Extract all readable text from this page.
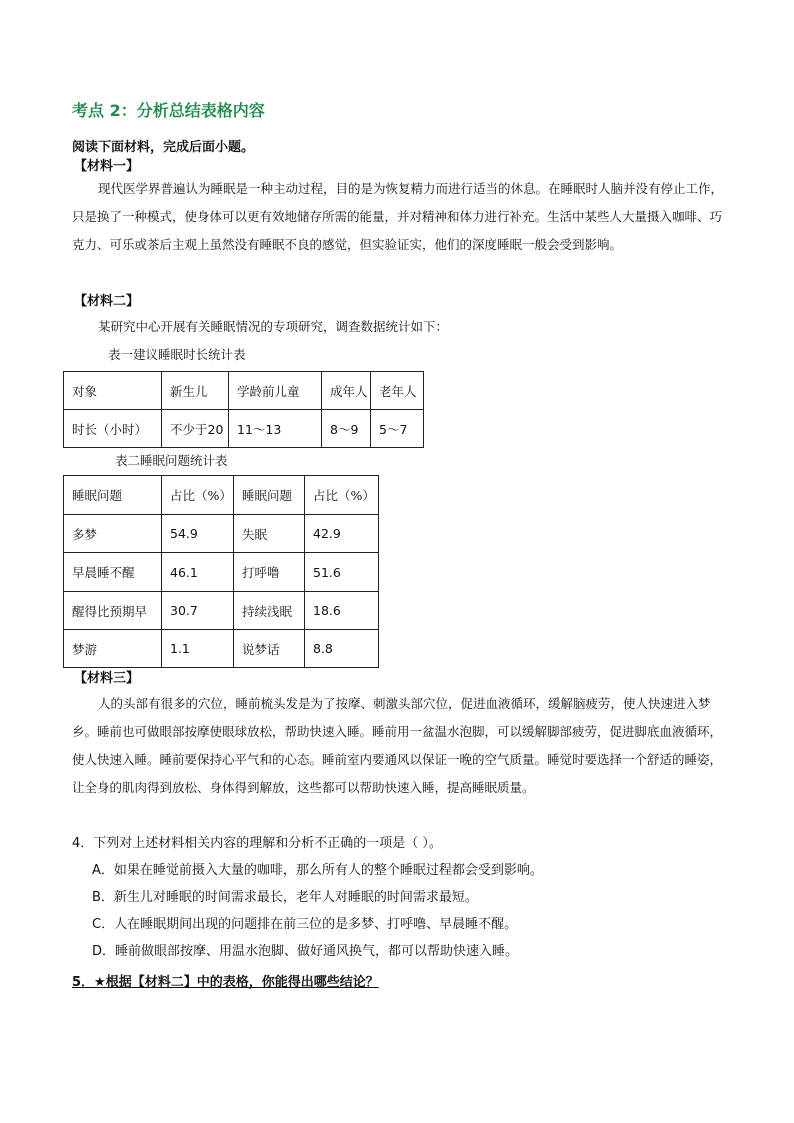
考点 2：分析总结表格内容
阅读下面材料，完成后面小题。
【材料一】
现代医学界普遍认为睡眠是一种主动过程，目的是为恢复精力而进行适当的休息。在睡眠时人脑并没有停止工作，只是换了一种模式，使身体可以更有效地储存所需的能量，并对精神和体力进行补充。生活中某些人大量摄入咖啡、巧克力、可乐或茶后主观上虽然没有睡眠不良的感觉，但实验证实，他们的深度睡眠一般会受到影响。
【材料二】
某研究中心开展有关睡眠情况的专项研究，调查数据统计如下：
表一建议睡眠时长统计表
对象	新生儿	学龄前儿童	成年人	老年人
时长（小时）	不少于20	11～13	8～9	5～7
表二睡眠问题统计表
睡眠问题	占比（%）	睡眠问题	占比（%）
多梦	54.9	失眠	42.9
早晨睡不醒	46.1	打呼噜	51.6
醒得比预期早	30.7	持续浅眠	18.6
梦游	1.1	说梦话	8.8
【材料三】
人的头部有很多的穴位，睡前梳头发是为了按摩、刺激头部穴位，促进血液循环，缓解脑疲劳，使人快速进入梦乡。睡前也可做眼部按摩使眼球放松，帮助快速入睡。睡前用一盆温水泡脚，可以缓解脚部疲劳，促进脚底血液循环，使人快速入睡。睡前要保持心平气和的心态。睡前室内要通风以保证一晚的空气质量。睡觉时要选择一个舒适的睡姿，让全身的肌肉得到放松、身体得到解放，这些都可以帮助快速入睡，提高睡眠质量。
4．下列对上述材料相关内容的理解和分析不正确的一项是（ ）。
A．如果在睡觉前摄入大量的咖啡，那么所有人的整个睡眠过程都会受到影响。
B．新生儿对睡眠的时间需求最长，老年人对睡眠的时间需求最短。
C．人在睡眠期间出现的问题排在前三位的是多梦、打呼噜、早晨睡不醒。
D．睡前做眼部按摩、用温水泡脚、做好通风换气，都可以帮助快速入睡。
5．★根据【材料二】中的表格，你能得出哪些结论？
